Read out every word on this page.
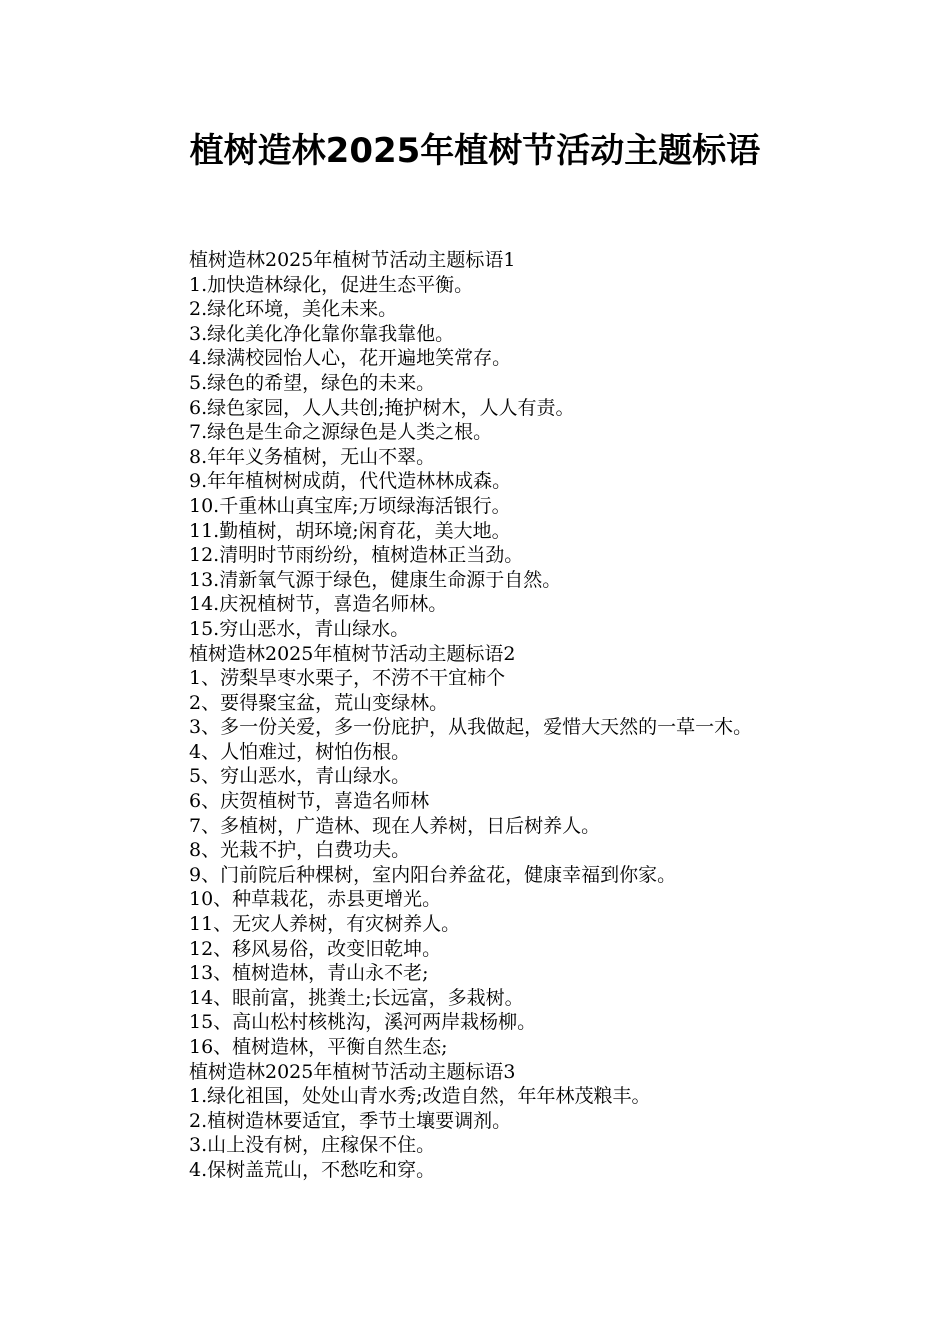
植树造林2025年植树节活动主题标语

植树造林2025年植树节活动主题标语1

1.加快造林绿化，促进生态平衡。

2.绿化环境，美化未来。

3.绿化美化净化靠你靠我靠他。

4.绿满校园怡人心，花开遍地笑常存。

5.绿色的希望，绿色的未来。

6.绿色家园，人人共创;掩护树木，人人有责。

7.绿色是生命之源绿色是人类之根。

8.年年义务植树，无山不翠。

9.年年植树树成荫，代代造林林成森。

10.千重林山真宝库;万顷绿海活银行。

11.勤植树，胡环境;闲育花，美大地。

12.清明时节雨纷纷，植树造林正当劲。

13.清新氧气源于绿色，健康生命源于自然。

14.庆祝植树节，喜造名师林。

15.穷山恶水，青山绿水。

植树造林2025年植树节活动主题标语2

1、涝梨旱枣水栗子，不涝不干宜柿个

2、要得聚宝盆，荒山变绿林。

3、多一份关爱，多一份庇护，从我做起，爱惜大天然的一草一木。

4、人怕难过，树怕伤根。

5、穷山恶水，青山绿水。

6、庆贺植树节，喜造名师林

7、多植树，广造林、现在人养树，日后树养人。

8、光栽不护，白费功夫。

9、门前院后种棵树，室内阳台养盆花，健康幸福到你家。

10、种草栽花，赤县更增光。

11、无灾人养树，有灾树养人。

12、移风易俗，改变旧乾坤。

13、植树造林，青山永不老;

14、眼前富，挑粪土;长远富，多栽树。

15、高山松村核桃沟，溪河两岸栽杨柳。

16、植树造林，平衡自然生态;

植树造林2025年植树节活动主题标语3

1.绿化祖国，处处山青水秀;改造自然，年年林茂粮丰。

2.植树造林要适宜，季节土壤要调剂。

3.山上没有树，庄稼保不住。

4.保树盖荒山，不愁吃和穿。
